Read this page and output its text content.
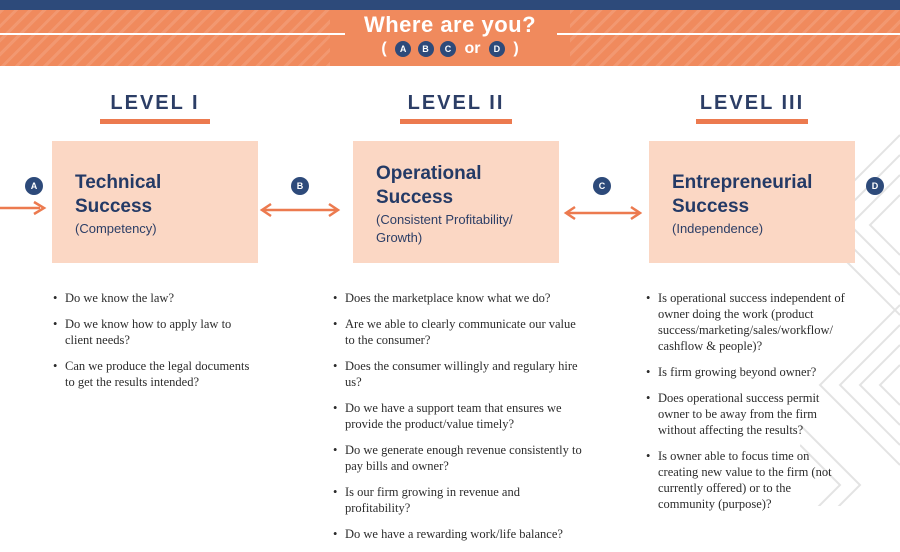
Where are you?
( A B C or D )
LEVEL I	LEVEL II	LEVEL III
Technical
Success
(Competency)
Operational
Success
(Consistent Profitability/ Growth)
Entrepreneurial
Success
(Independence)
A	B	C	D
• Do we know the law?
• Do we know how to apply law to client needs?
• Can we produce the legal documents to get the results intended?
• Does the marketplace know what we do?
• Are we able to clearly communicate our value to the consumer?
• Does the consumer willingly and regulary hire us?
• Do we have a support team that ensures we provide the product/value timely?
• Do we generate enough revenue consistently to pay bills and owner?
• Is our firm growing in revenue and profitability?
• Do we have a rewarding work/life balance?
• Is operational success independent of owner doing the work (product success/marketing/sales/workflow/ cashflow & people)?
• Is firm growing beyond owner?
• Does operational success permit owner to be away from the firm without affecting the results?
• Is owner able to focus time on creating new value to the firm (not currently offered) or to the community (purpose)?
